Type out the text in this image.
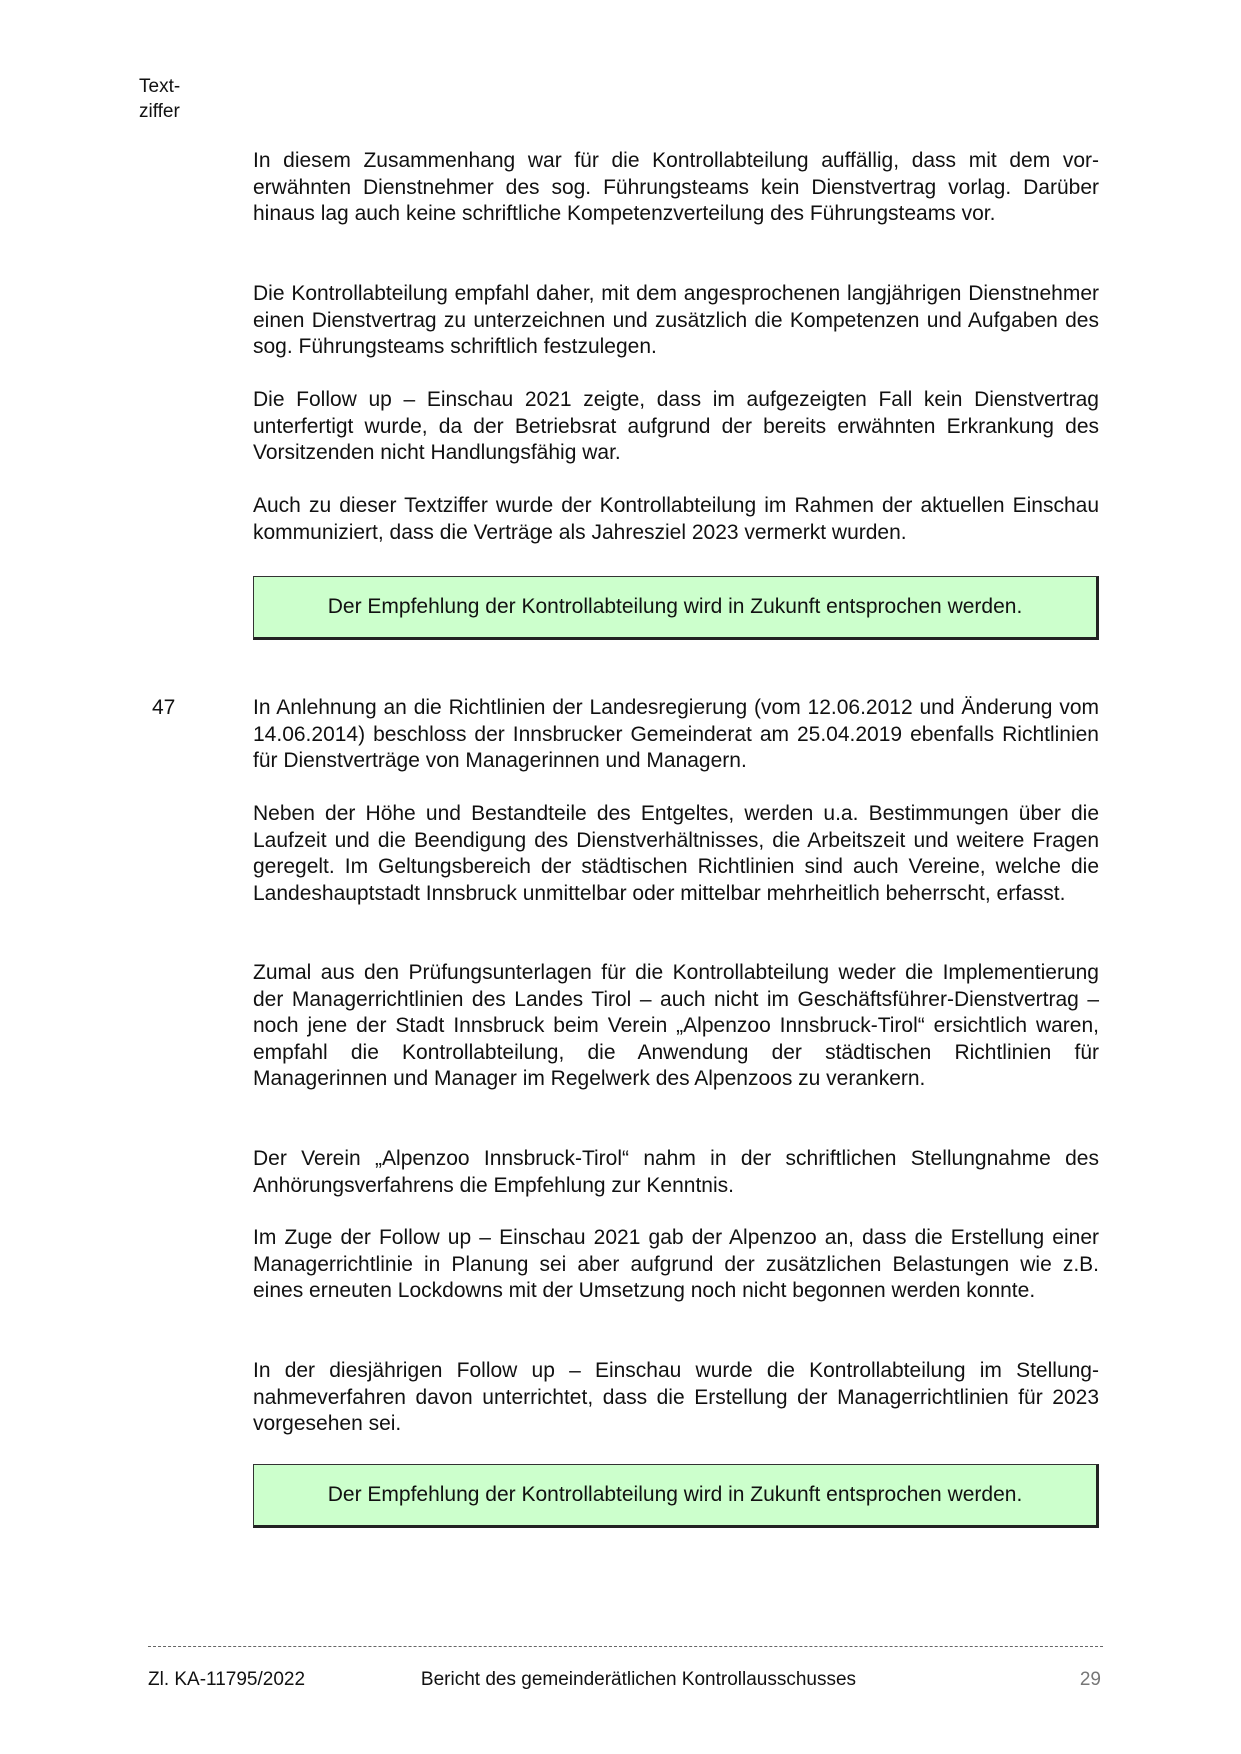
Text-
ziffer

In diesem Zusammenhang war für die Kontrollabteilung auffällig, dass mit dem vorerwähnten Dienstnehmer des sog. Führungsteams kein Dienstvertrag vorlag. Darüber hinaus lag auch keine schriftliche Kompetenzverteilung des Führungsteams vor.

Die Kontrollabteilung empfahl daher, mit dem angesprochenen langjährigen Dienstnehmer einen Dienstvertrag zu unterzeichnen und zusätzlich die Kompetenzen und Aufgaben des sog. Führungsteams schriftlich festzulegen.

Die Follow up – Einschau 2021 zeigte, dass im aufgezeigten Fall kein Dienstvertrag unterfertigt wurde, da der Betriebsrat aufgrund der bereits erwähnten Erkrankung des Vorsitzenden nicht Handlungsfähig war.

Auch zu dieser Textziffer wurde der Kontrollabteilung im Rahmen der aktuellen Einschau kommuniziert, dass die Verträge als Jahresziel 2023 vermerkt wurden.

Der Empfehlung der Kontrollabteilung wird in Zukunft entsprochen werden.

47	In Anlehnung an die Richtlinien der Landesregierung (vom 12.06.2012 und Änderung vom 14.06.2014) beschloss der Innsbrucker Gemeinderat am 25.04.2019 ebenfalls Richtlinien für Dienstverträge von Managerinnen und Managern.

Neben der Höhe und Bestandteile des Entgeltes, werden u.a. Bestimmungen über die Laufzeit und die Beendigung des Dienstverhältnisses, die Arbeitszeit und weitere Fragen geregelt. Im Geltungsbereich der städtischen Richtlinien sind auch Vereine, welche die Landeshauptstadt Innsbruck unmittelbar oder mittelbar mehrheitlich beherrscht, erfasst.

Zumal aus den Prüfungsunterlagen für die Kontrollabteilung weder die Implementierung der Managerrichtlinien des Landes Tirol – auch nicht im Geschäftsführer-Dienstvertrag – noch jene der Stadt Innsbruck beim Verein „Alpenzoo Innsbruck-Tirol“ ersichtlich waren, empfahl die Kontrollabteilung, die Anwendung der städtischen Richtlinien für Managerinnen und Manager im Regelwerk des Alpenzoos zu verankern.

Der Verein „Alpenzoo Innsbruck-Tirol“ nahm in der schriftlichen Stellungnahme des Anhörungsverfahrens die Empfehlung zur Kenntnis.

Im Zuge der Follow up – Einschau 2021 gab der Alpenzoo an, dass die Erstellung einer Managerrichtlinie in Planung sei aber aufgrund der zusätzlichen Belastungen wie z.B. eines erneuten Lockdowns mit der Umsetzung noch nicht begonnen werden konnte.

In der diesjährigen Follow up – Einschau wurde die Kontrollabteilung im Stellungnahmeverfahren davon unterrichtet, dass die Erstellung der Managerrichtlinien für 2023 vorgesehen sei.

Der Empfehlung der Kontrollabteilung wird in Zukunft entsprochen werden.

Zl. KA-11795/2022	Bericht des gemeinderätlichen Kontrollausschusses	29
